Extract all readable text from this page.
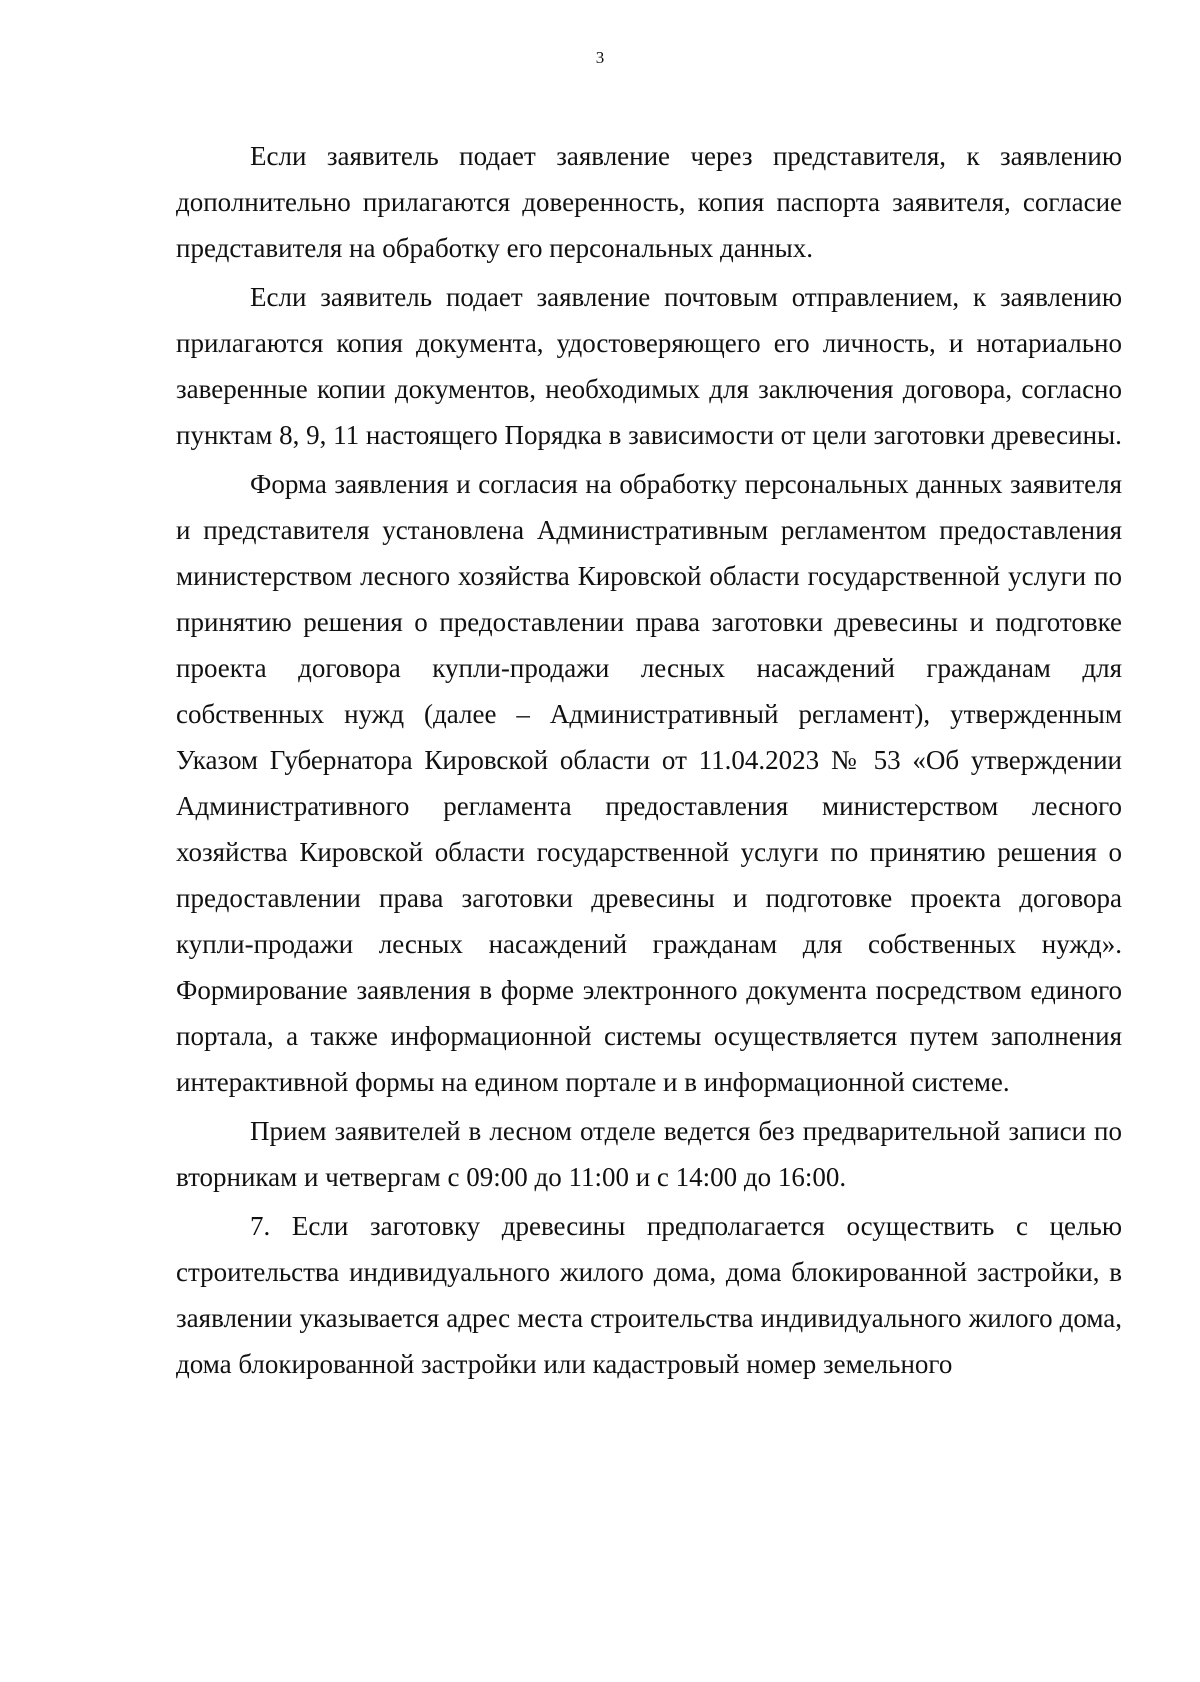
3

Если заявитель подает заявление через представителя, к заявлению дополнительно прилагаются доверенность, копия паспорта заявителя, согласие представителя на обработку его персональных данных.

Если заявитель подает заявление почтовым отправлением, к заявлению прилагаются копия документа, удостоверяющего его личность, и нотариально заверенные копии документов, необходимых для заключения договора, согласно пунктам 8, 9, 11 настоящего Порядка в зависимости от цели заготовки древесины.

Форма заявления и согласия на обработку персональных данных заявителя и представителя установлена Административным регламентом предоставления министерством лесного хозяйства Кировской области государственной услуги по принятию решения о предоставлении права заготовки древесины и подготовке проекта договора купли-продажи лесных насаждений гражданам для собственных нужд (далее – Административный регламент), утвержденным Указом Губернатора Кировской области от 11.04.2023 № 53 «Об утверждении Административного регламента предоставления министерством лесного хозяйства Кировской области государственной услуги по принятию решения о предоставлении права заготовки древесины и подготовке проекта договора купли-продажи лесных насаждений гражданам для собственных нужд». Формирование заявления в форме электронного документа посредством единого портала, а также информационной системы осуществляется путем заполнения интерактивной формы на едином портале и в информационной системе.

Прием заявителей в лесном отделе ведется без предварительной записи по вторникам и четвергам с 09:00 до 11:00 и с 14:00 до 16:00.

7. Если заготовку древесины предполагается осуществить с целью строительства индивидуального жилого дома, дома блокированной застройки, в заявлении указывается адрес места строительства индивидуального жилого дома, дома блокированной застройки или кадастровый номер земельного
